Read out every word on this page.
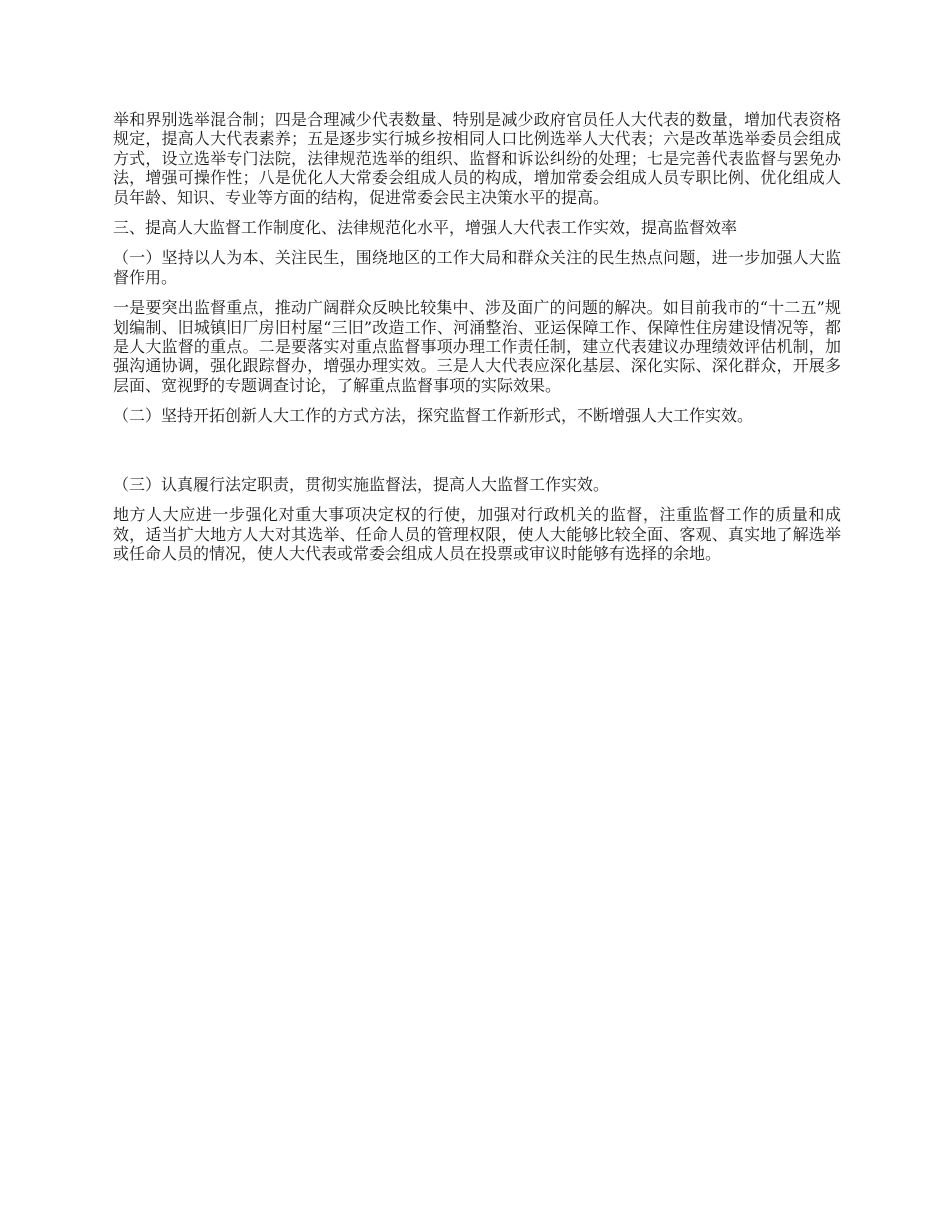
举和界别选举混合制；四是合理减少代表数量、特别是减少政府官员任人大代表的数量，增加代表资格规定，提高人大代表素养；五是逐步实行城乡按相同人口比例选举人大代表；六是改革选举委员会组成方式，设立选举专门法院，法律规范选举的组织、监督和诉讼纠纷的处理；七是完善代表监督与罢免办法，增强可操作性；八是优化人大常委会组成人员的构成，增加常委会组成人员专职比例、优化组成人员年龄、知识、专业等方面的结构，促进常委会民主决策水平的提高。

三、提高人大监督工作制度化、法律规范化水平，增强人大代表工作实效，提高监督效率

（一）坚持以人为本、关注民生，围绕地区的工作大局和群众关注的民生热点问题，进一步加强人大监督作用。

一是要突出监督重点，推动广阔群众反映比较集中、涉及面广的问题的解决。如目前我市的“十二五”规划编制、旧城镇旧厂房旧村屋“三旧”改造工作、河涌整治、亚运保障工作、保障性住房建设情况等，都是人大监督的重点。二是要落实对重点监督事项办理工作责任制，建立代表建议办理绩效评估机制，加强沟通协调，强化跟踪督办，增强办理实效。三是人大代表应深化基层、深化实际、深化群众，开展多层面、宽视野的专题调查讨论，了解重点监督事项的实际效果。

（二）坚持开拓创新人大工作的方式方法，探究监督工作新形式，不断增强人大工作实效。

（三）认真履行法定职责，贯彻实施监督法，提高人大监督工作实效。

地方人大应进一步强化对重大事项决定权的行使，加强对行政机关的监督，注重监督工作的质量和成效，适当扩大地方人大对其选举、任命人员的管理权限，使人大能够比较全面、客观、真实地了解选举或任命人员的情况，使人大代表或常委会组成人员在投票或审议时能够有选择的余地。
